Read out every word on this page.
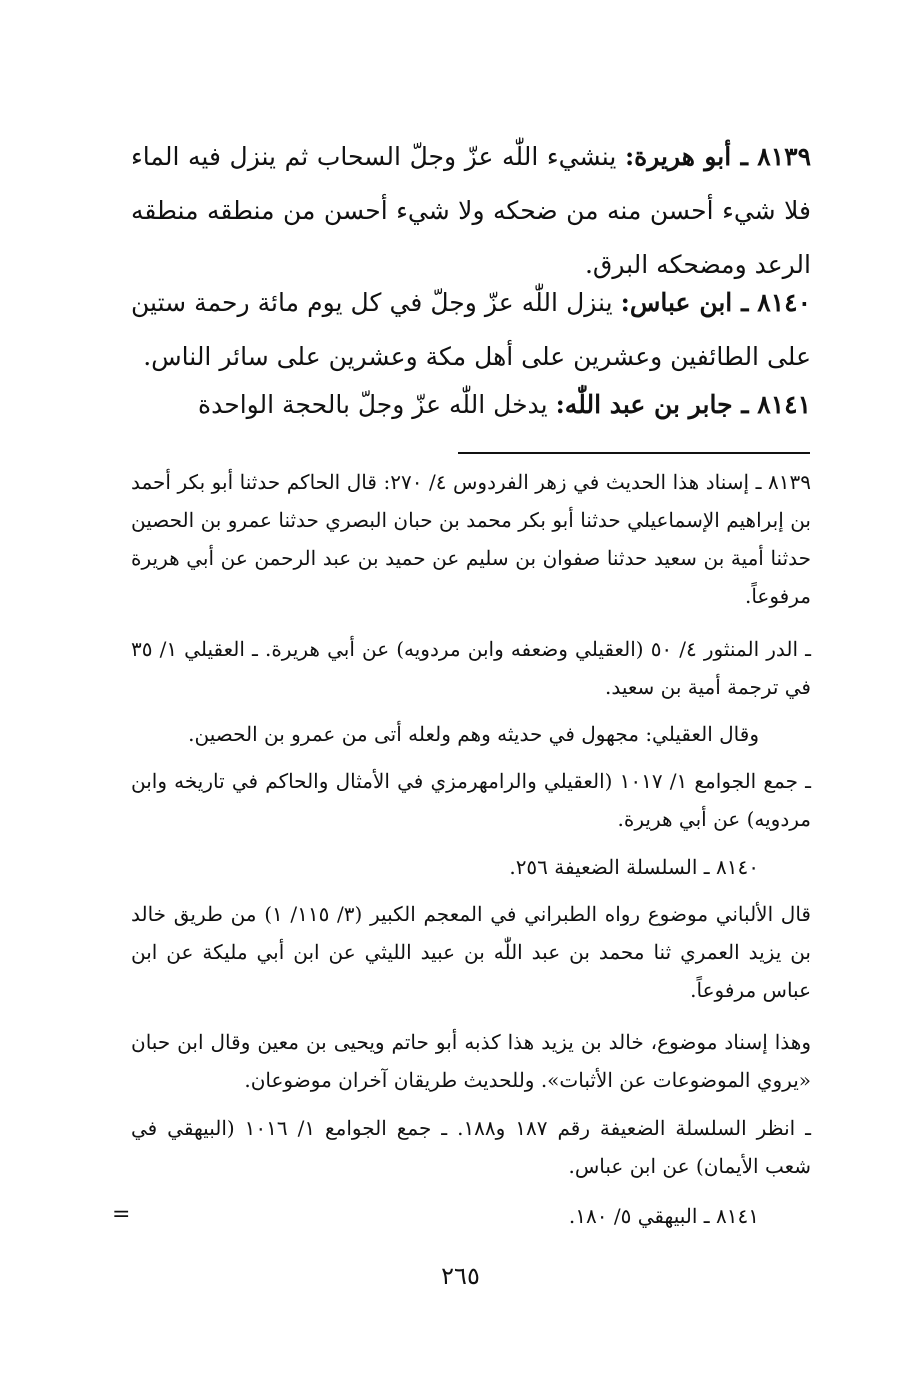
٨١٣٩ ـ أبو هريرة: ينشيء اللّٰه عزّ وجلّ السحاب ثم ينزل فيه الماء فلا شيء أحسن منه من ضحكه ولا شيء أحسن من منطقه منطقه الرعد ومضحكه البرق.

٨١٤٠ ـ ابن عباس: ينزل اللّٰه عزّ وجلّ في كل يوم مائة رحمة ستين على الطائفين وعشرين على أهل مكة وعشرين على سائر الناس.

٨١٤١ ـ جابر بن عبد اللّٰه: يدخل اللّٰه عزّ وجلّ بالحجة الواحدة

٨١٣٩ ـ إسناد هذا الحديث في زهر الفردوس ٤/ ٢٧٠: قال الحاكم حدثنا أبو بكر أحمد بن إبراهيم الإسماعيلي حدثنا أبو بكر محمد بن حبان البصري حدثنا عمرو بن الحصين حدثنا أمية بن سعيد حدثنا صفوان بن سليم عن حميد بن عبد الرحمن عن أبي هريرة مرفوعاً.

ـ الدر المنثور ٤/ ٥٠ (العقيلي وضعفه وابن مردويه) عن أبي هريرة. ـ العقيلي ١/ ٣٥ في ترجمة أمية بن سعيد.

وقال العقيلي: مجهول في حديثه وهم ولعله أتى من عمرو بن الحصين.

ـ جمع الجوامع ١/ ١٠١٧ (العقيلي والرامهرمزي في الأمثال والحاكم في تاريخه وابن مردويه) عن أبي هريرة.

٨١٤٠ ـ السلسلة الضعيفة ٢٥٦.

قال الألباني موضوع رواه الطبراني في المعجم الكبير (٣/ ١١٥/ ١) من طريق خالد بن يزيد العمري ثنا محمد بن عبد اللّٰه بن عبيد الليثي عن ابن أبي مليكة عن ابن عباس مرفوعاً.

وهذا إسناد موضوع، خالد بن يزيد هذا كذبه أبو حاتم ويحيى بن معين وقال ابن حبان «يروي الموضوعات عن الأثبات». وللحديث طريقان آخران موضوعان.

ـ انظر السلسلة الضعيفة رقم ١٨٧ و١٨٨. ـ جمع الجوامع ١/ ١٠١٦ (البيهقي في شعب الأيمان) عن ابن عباس.

٨١٤١ ـ البيهقي ٥/ ١٨٠.

=
٢٦٥
